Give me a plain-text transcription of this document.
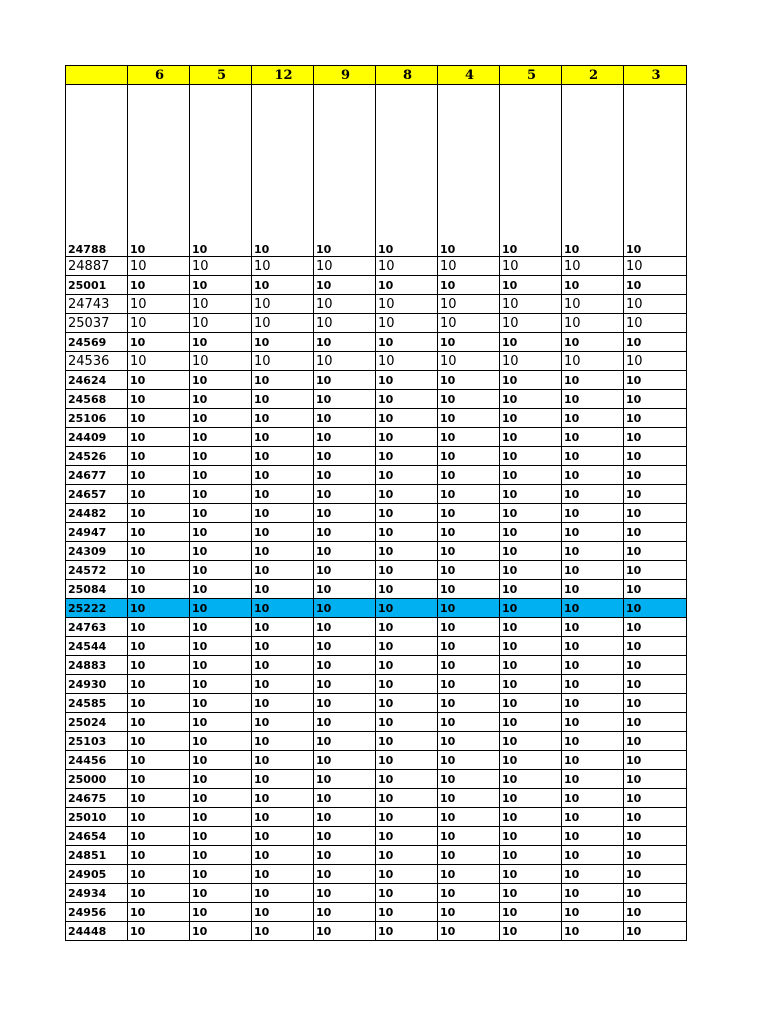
	6	5	12	9	8	4	5	2	3
24788	10	10	10	10	10	10	10	10	10
24887	10	10	10	10	10	10	10	10	10
25001	10	10	10	10	10	10	10	10	10
24743	10	10	10	10	10	10	10	10	10
25037	10	10	10	10	10	10	10	10	10
24569	10	10	10	10	10	10	10	10	10
24536	10	10	10	10	10	10	10	10	10
24624	10	10	10	10	10	10	10	10	10
24568	10	10	10	10	10	10	10	10	10
25106	10	10	10	10	10	10	10	10	10
24409	10	10	10	10	10	10	10	10	10
24526	10	10	10	10	10	10	10	10	10
24677	10	10	10	10	10	10	10	10	10
24657	10	10	10	10	10	10	10	10	10
24482	10	10	10	10	10	10	10	10	10
24947	10	10	10	10	10	10	10	10	10
24309	10	10	10	10	10	10	10	10	10
24572	10	10	10	10	10	10	10	10	10
25084	10	10	10	10	10	10	10	10	10
25222	10	10	10	10	10	10	10	10	10
24763	10	10	10	10	10	10	10	10	10
24544	10	10	10	10	10	10	10	10	10
24883	10	10	10	10	10	10	10	10	10
24930	10	10	10	10	10	10	10	10	10
24585	10	10	10	10	10	10	10	10	10
25024	10	10	10	10	10	10	10	10	10
25103	10	10	10	10	10	10	10	10	10
24456	10	10	10	10	10	10	10	10	10
25000	10	10	10	10	10	10	10	10	10
24675	10	10	10	10	10	10	10	10	10
25010	10	10	10	10	10	10	10	10	10
24654	10	10	10	10	10	10	10	10	10
24851	10	10	10	10	10	10	10	10	10
24905	10	10	10	10	10	10	10	10	10
24934	10	10	10	10	10	10	10	10	10
24956	10	10	10	10	10	10	10	10	10
24448	10	10	10	10	10	10	10	10	10
